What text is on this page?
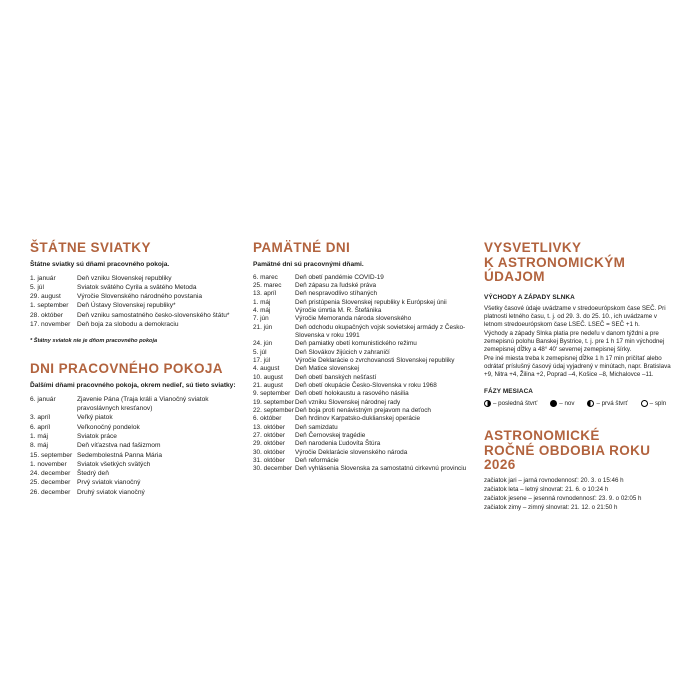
ŠTÁTNE SVIATKY
Štátne sviatky sú dňami pracovného pokoja.
1. január	Deň vzniku Slovenskej republiky
5. júl	Sviatok svätého Cyrila a svätého Metoda
29. august	Výročie Slovenského národného povstania
1. september	Deň Ústavy Slovenskej republiky*
28. október	Deň vzniku samostatného česko-slovenského štátu*
17. november	Deň boja za slobodu a demokraciu
* Štátny sviatok nie je dňom pracovného pokoja
DNI PRACOVNÉHO POKOJA
Ďalšími dňami pracovného pokoja, okrem nedieľ, sú tieto sviatky:
6. január	Zjavenie Pána (Traja králi a Vianočný sviatok pravoslávnych kresťanov)
3. apríl	Veľký piatok
6. apríl	Veľkonočný pondelok
1. máj	Sviatok práce
8. máj	Deň víťazstva nad fašizmom
15. september Sedembolestná Panna Mária
1. november	Sviatok všetkých svätých
24. december	Štedrý deň
25. december	Prvý sviatok vianočný
26. december	Druhý sviatok vianočný
PAMÄTNÉ DNI
Pamätné dni sú pracovnými dňami.
6. marec	Deň obetí pandémie COVID-19
25. marec	Deň zápasu za ľudské práva
13. apríl	Deň nespravodlivo stíhaných
1. máj	Deň pristúpenia Slovenskej republiky k Európskej únii
4. máj	Výročie úmrtia M. R. Štefánika
7. jún	Výročie Memoranda národa slovenského
21. jún	Deň odchodu okupačných vojsk sovietskej armády z Česko-Slovenska v roku 1991
24. jún	Deň pamiatky obetí komunistického režimu
5. júl	Deň Slovákov žijúcich v zahraničí
17. júl	Výročie Deklarácie o zvrchovanosti Slovenskej republiky
4. august	Deň Matice slovenskej
10. august	Deň obetí banských nešťastí
21. august	Deň obetí okupácie Česko-Slovenska v roku 1968
9. september Deň obetí holokaustu a rasového násilia
19. september Deň vzniku Slovenskej národnej rady
22. september Deň boja proti nenávistným prejavom na deťoch
6. október	Deň hrdinov Karpatsko-duklianskej operácie
13. október	Deň samizdatu
27. október	Deň Černovskej tragédie
29. október	Deň narodenia Ľudovíta Štúra
30. október	Výročie Deklarácie slovenského národa
31. október	Deň reformácie
30. december Deň vyhlásenia Slovenska za samostatnú cirkevnú provinciu
VYSVETLIVKY
K ASTRONOMICKÝM ÚDAJOM
VÝCHODY A ZÁPADY SLNKA

Všetky časové údaje uvádzame v stredoeurópskom čase SEČ. Pri platnosti letného času, t. j. od 29. 3. do 25. 10., ich uvádzame v letnom stredoeurópskom čase LSEČ. LSEČ = SEČ +1 h.

Východy a západy Slnka platia pre nedeľu v danom týždni a pre zemepisnú polohu Banskej Bystrice, t. j. pre 1 h 17 min východnej zemepisnej dĺžky a 48° 40′ severnej zemepisnej šírky.

Pre iné miesta treba k zemepisnej dĺžke 1 h 17 min pričítať alebo odrátať príslušný časový údaj vyjadrený v minútach, napr. Bratislava +9, Nitra +4, Žilina +2, Poprad –4, Košice –8, Michalovce –11.

FÁZY MESIACA
– posledná štvrť	– nov	– prvá štvrť	– spln
ASTRONOMICKÉ
ROČNÉ OBDOBIA ROKU 2026
začiatok jari – jarná rovnodennosť: 20. 3. o 15:46 h
začiatok leta – letný slnovrat: 21. 6. o 10:24 h
začiatok jesene – jesenná rovnodennosť: 23. 9. o 02:05 h
začiatok zimy – zimný slnovrat: 21. 12. o 21:50 h
